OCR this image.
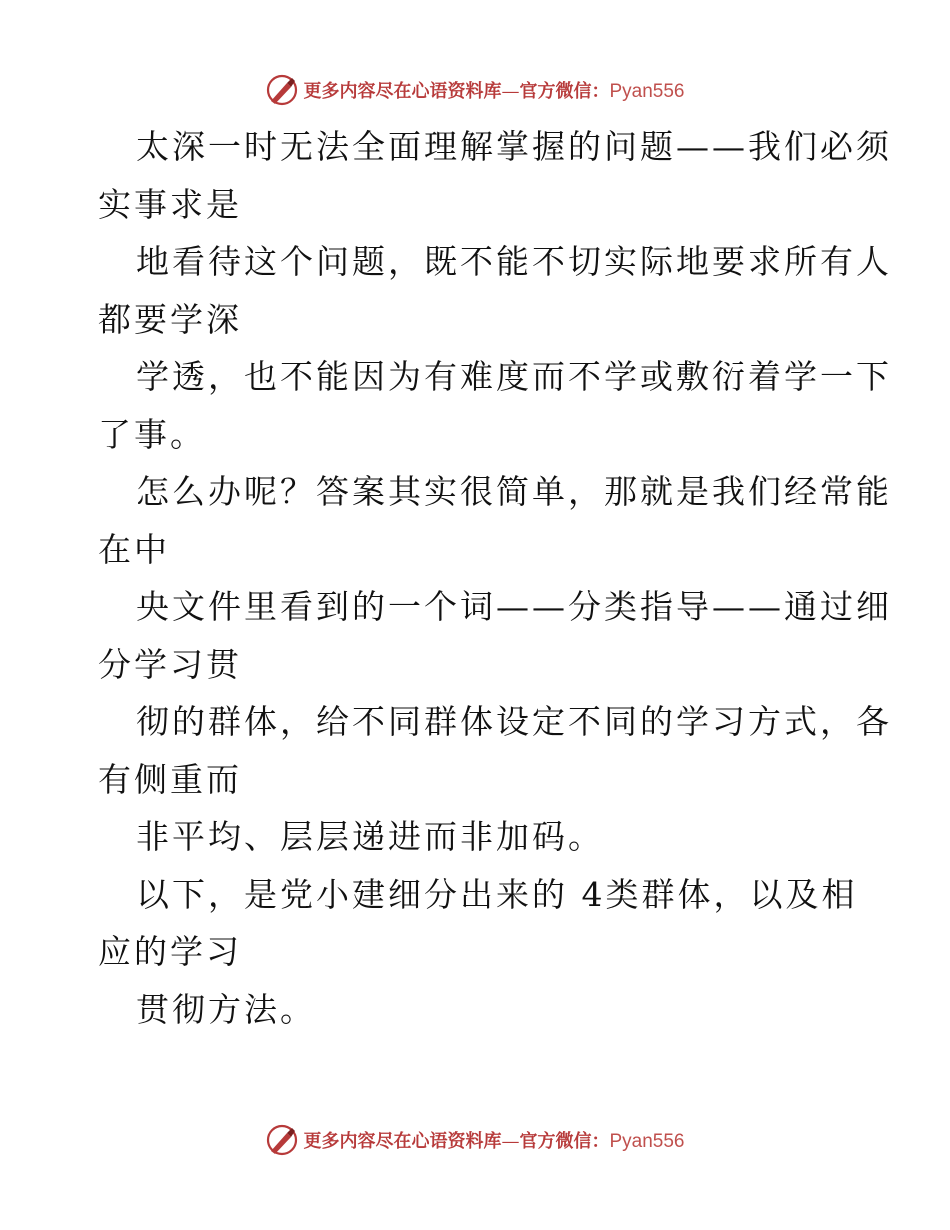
更多内容尽在心语资料库—官方微信：Pyan556
太深一时无法全面理解掌握的问题——我们必须
实事求是
地看待这个问题，既不能不切实际地要求所有人
都要学深
学透，也不能因为有难度而不学或敷衍着学一下
了事。
怎么办呢？答案其实很简单，那就是我们经常能
在中
央文件里看到的一个词——分类指导——通过细
分学习贯
彻的群体，给不同群体设定不同的学习方式，各
有侧重而
非平均、层层递进而非加码。
以下，是党小建细分出来的 4类群体，以及相
应的学习
贯彻方法。
更多内容尽在心语资料库—官方微信：Pyan556
